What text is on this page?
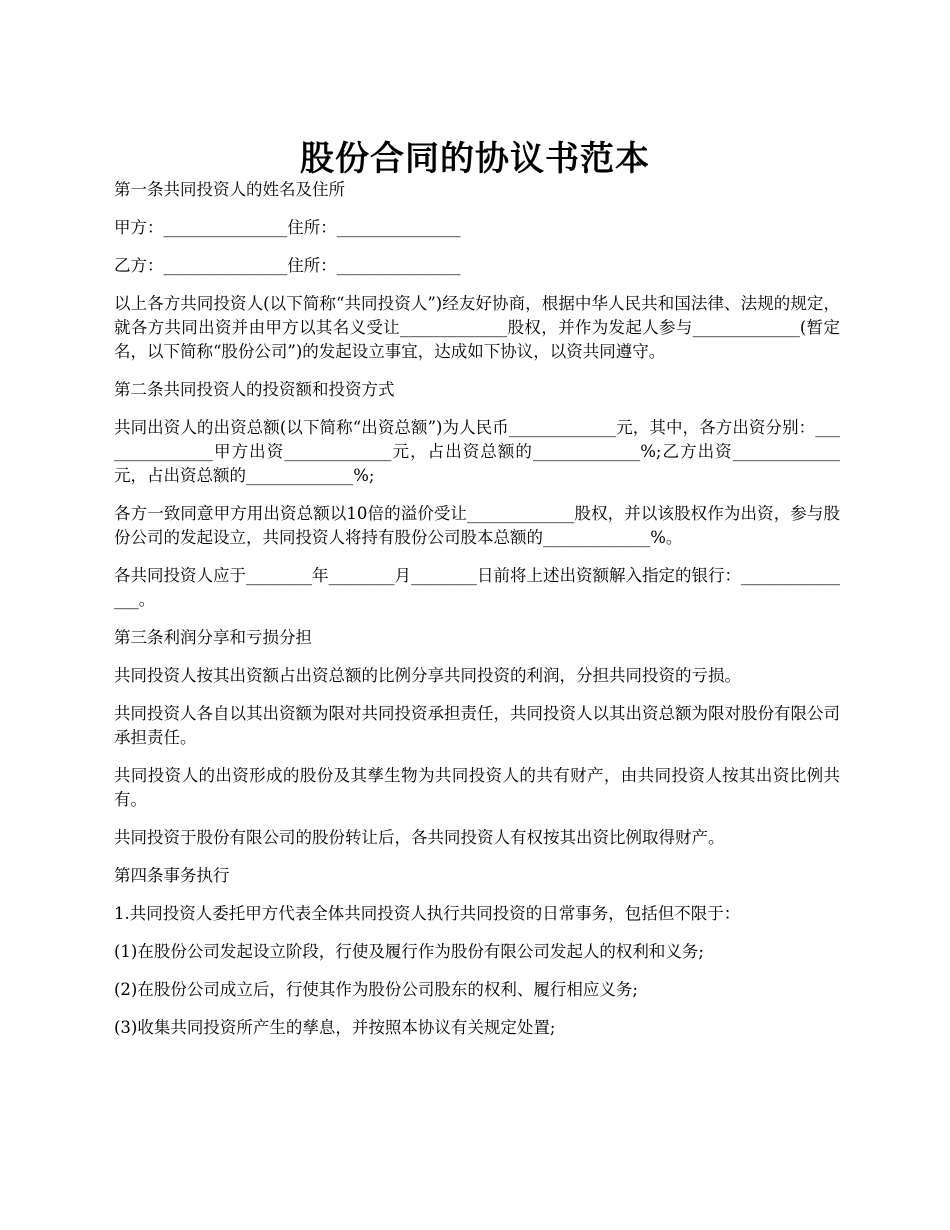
股份合同的协议书范本

第一条共同投资人的姓名及住所

甲方：_______________住所：_______________

乙方：_______________住所：_______________

以上各方共同投资人(以下简称“共同投资人”)经友好协商，根据中华人民共和国法律、法规的规定，就各方共同出资并由甲方以其名义受让_____________股权，并作为发起人参与_____________(暂定名，以下简称“股份公司”)的发起设立事宜，达成如下协议，以资共同遵守。

第二条共同投资人的投资额和投资方式

共同出资人的出资总额(以下简称“出资总额”)为人民币_____________元，其中，各方出资分别：_______________甲方出资_____________元，占出资总额的_____________%;乙方出资_____________元，占出资总额的_____________%;

各方一致同意甲方用出资总额以10倍的溢价受让_____________股权，并以该股权作为出资，参与股份公司的发起设立，共同投资人将持有股份公司股本总额的_____________%。

各共同投资人应于________年________月________日前将上述出资额解入指定的银行：_______________。

第三条利润分享和亏损分担

共同投资人按其出资额占出资总额的比例分享共同投资的利润，分担共同投资的亏损。

共同投资人各自以其出资额为限对共同投资承担责任，共同投资人以其出资总额为限对股份有限公司承担责任。

共同投资人的出资形成的股份及其孳生物为共同投资人的共有财产，由共同投资人按其出资比例共有。

共同投资于股份有限公司的股份转让后，各共同投资人有权按其出资比例取得财产。

第四条事务执行

1.共同投资人委托甲方代表全体共同投资人执行共同投资的日常事务，包括但不限于：

(1)在股份公司发起设立阶段，行使及履行作为股份有限公司发起人的权利和义务;

(2)在股份公司成立后，行使其作为股份公司股东的权利、履行相应义务;

(3)收集共同投资所产生的孳息，并按照本协议有关规定处置;
